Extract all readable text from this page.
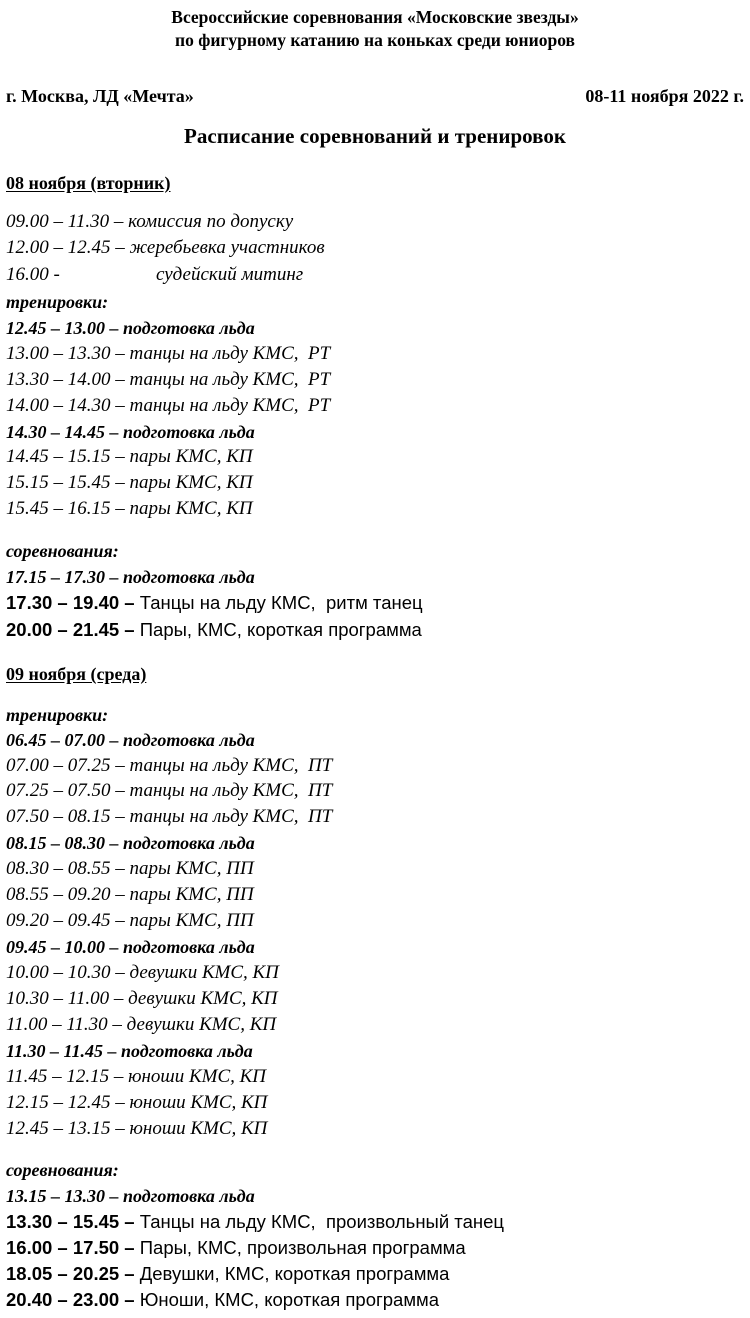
Всероссийские соревнования «Московские звезды»
по фигурному катанию на коньках среди юниоров
г. Москва, ЛД «Мечта»	08-11 ноября 2022 г.
Расписание соревнований и тренировок
08 ноября (вторник)
09.00 – 11.30 – комиссия по допуску
12.00 – 12.45 – жеребьевка участников
16.00 -	судейский митинг
тренировки:
12.45 – 13.00 – подготовка льда
13.00 – 13.30 – танцы на льду КМС,  РТ
13.30 – 14.00 – танцы на льду КМС,  РТ
14.00 – 14.30 – танцы на льду КМС,  РТ
14.30 – 14.45 – подготовка льда
14.45 – 15.15 – пары КМС, КП
15.15 – 15.45 – пары КМС, КП
15.45 – 16.15 – пары КМС, КП
соревнования:
17.15 – 17.30 – подготовка льда
17.30 – 19.40 – Танцы на льду КМС,  ритм танец
20.00 – 21.45 – Пары, КМС, короткая программа
09 ноября (среда)
тренировки:
06.45 – 07.00 – подготовка льда
07.00 – 07.25 – танцы на льду КМС,  ПТ
07.25 – 07.50 – танцы на льду КМС,  ПТ
07.50 – 08.15 – танцы на льду КМС,  ПТ
08.15 – 08.30 – подготовка льда
08.30 – 08.55 – пары КМС, ПП
08.55 – 09.20 – пары КМС, ПП
09.20 – 09.45 – пары КМС, ПП
09.45 – 10.00 – подготовка льда
10.00 – 10.30 – девушки КМС, КП
10.30 – 11.00 – девушки КМС, КП
11.00 – 11.30 – девушки КМС, КП
11.30 – 11.45 – подготовка льда
11.45 – 12.15 – юноши КМС, КП
12.15 – 12.45 – юноши КМС, КП
12.45 – 13.15 – юноши КМС, КП
соревнования:
13.15 – 13.30 – подготовка льда
13.30 – 15.45 – Танцы на льду КМС,  произвольный танец
16.00 – 17.50 – Пары, КМС, произвольная программа
18.05 – 20.25 – Девушки, КМС, короткая программа
20.40 – 23.00 – Юноши, КМС, короткая программа
